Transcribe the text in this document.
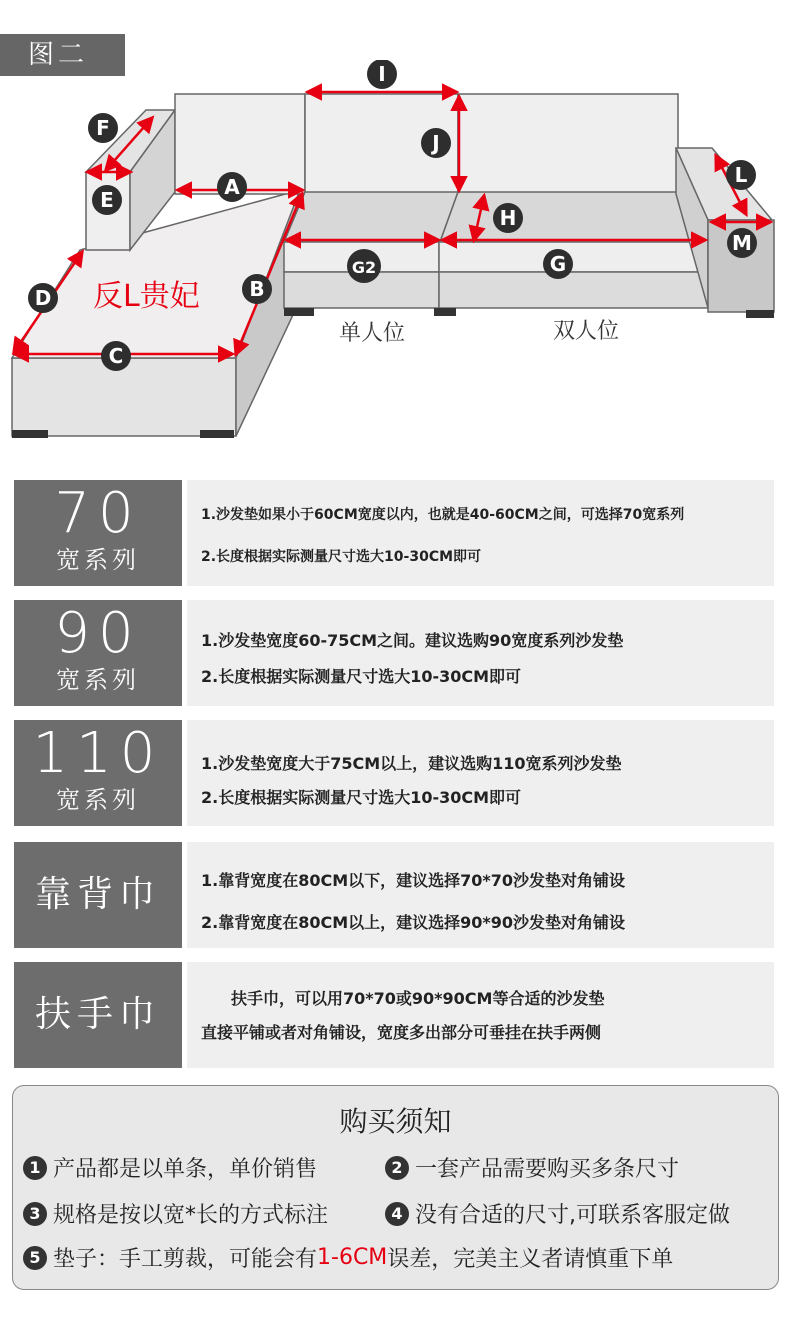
图二
I
J
A
F
E
H
G2	G
L
M
D	B
C
反L贵妃
单人位	双人位
70
宽系列
1.沙发垫如果小于60CM宽度以内，也就是40-60CM之间，可选择70宽系列
2.长度根据实际测量尺寸选大10-30CM即可
90
宽系列
1.沙发垫宽度60-75CM之间。建议选购90宽度系列沙发垫
2.长度根据实际测量尺寸选大10-30CM即可
110
宽系列
1.沙发垫宽度大于75CM以上，建议选购110宽系列沙发垫
2.长度根据实际测量尺寸选大10-30CM即可
靠背巾	1.靠背宽度在80CM以下，建议选择70*70沙发垫对角铺设
2.靠背宽度在80CM以上，建议选择90*90沙发垫对角铺设
扶手巾	扶手巾，可以用70*70或90*90CM等合适的沙发垫
直接平铺或者对角铺设，宽度多出部分可垂挂在扶手两侧
购买须知
1 产品都是以单条，单价销售	2 一套产品需要购买多条尺寸
3 规格是按以宽*长的方式标注	4 没有合适的尺寸,可联系客服定做
5 垫子：手工剪裁，可能会有 1-6CM 误差，完美主义者请慎重下单
